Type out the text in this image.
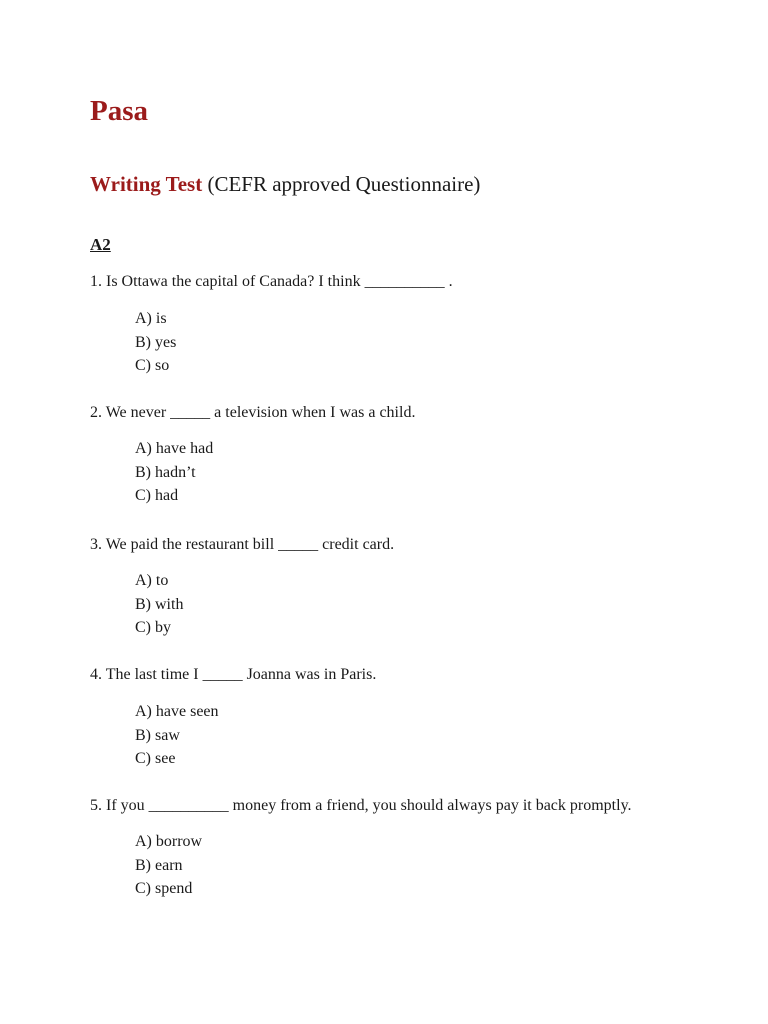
Pasa

Writing Test (CEFR approved Questionnaire)

A2

1. Is Ottawa the capital of Canada? I think __________ .

A) is
B) yes
C) so

2. We never _____ a television when I was a child.

A) have had
B) hadn’t
C) had

3. We paid the restaurant bill _____ credit card.

A) to
B) with
C) by

4. The last time I _____ Joanna was in Paris.

A) have seen
B) saw
C) see

5. If you __________ money from a friend, you should always pay it back promptly.

A) borrow
B) earn
C) spend
